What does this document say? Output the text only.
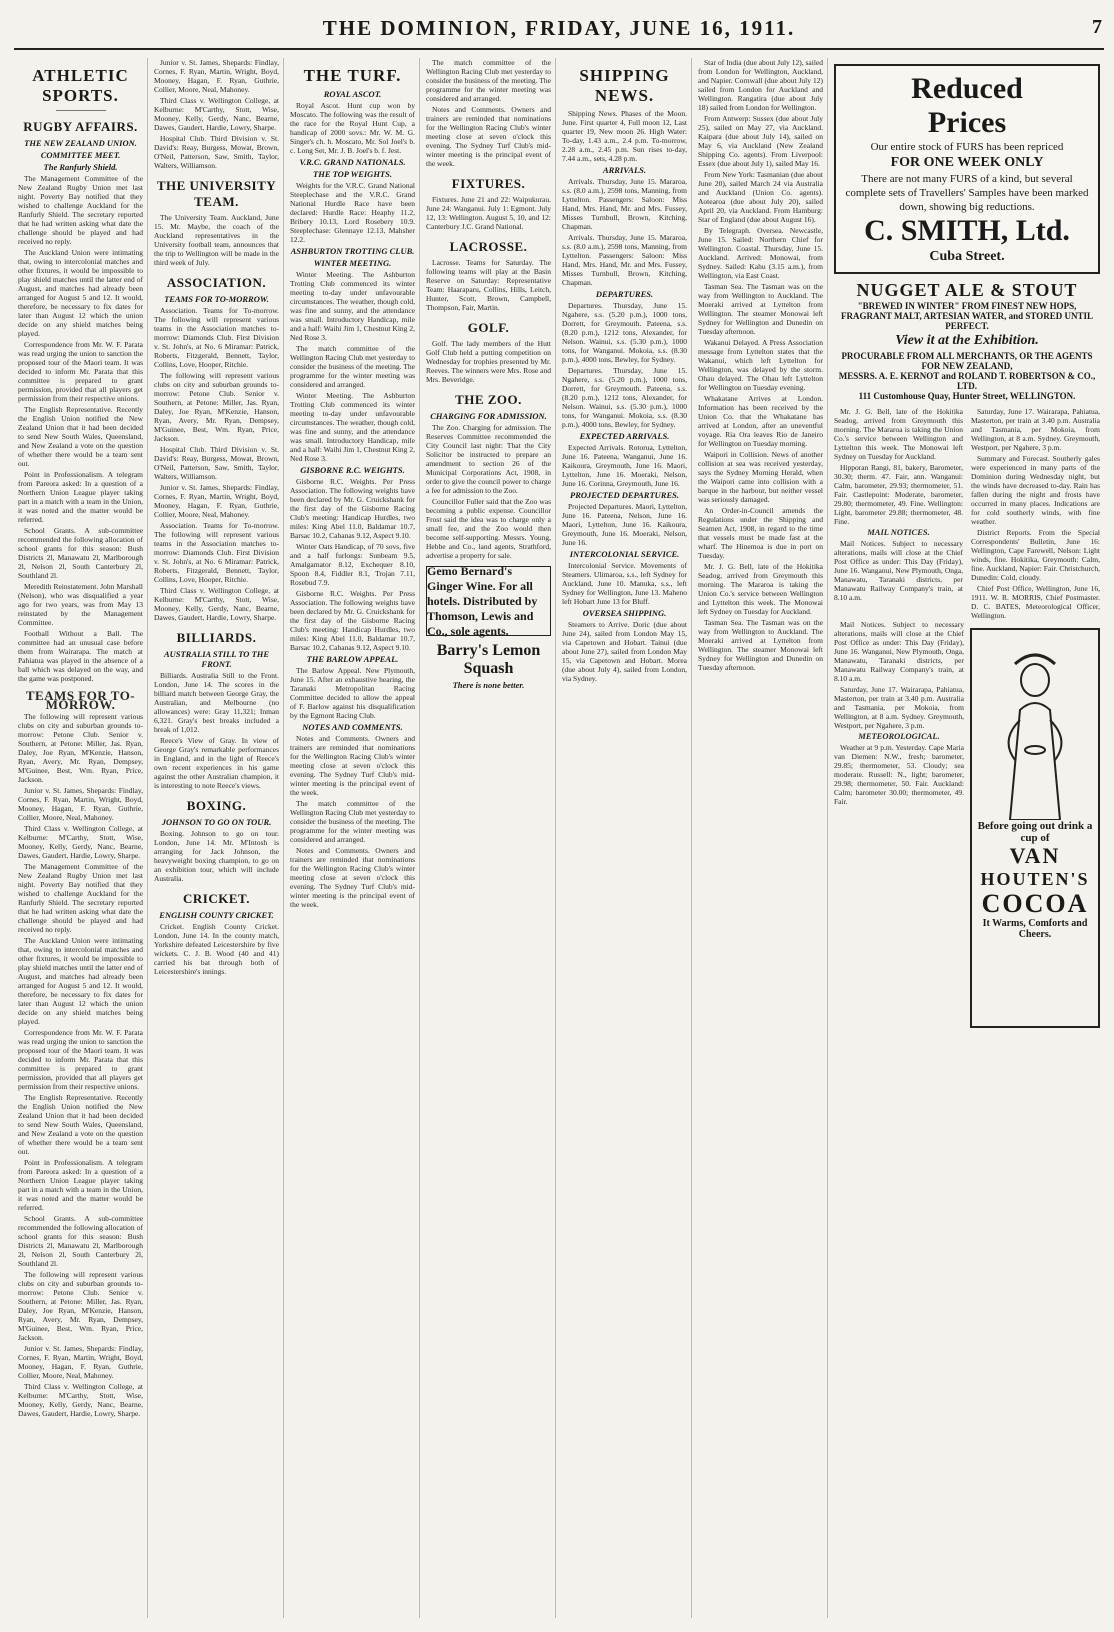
THE DOMINION, FRIDAY, JUNE 16, 1911.	7
ATHLETIC SPORTS.
RUGBY AFFAIRS.
THE NEW ZEALAND UNION.
COMMITTEE MEET.
The Ranfurly Shield.

The Management Committee of the New Zealand Rugby Union met last night. Poverty Bay notified that they wished to challenge Auckland for the Ranfurly Shield. The secretary reported that he had written asking what date the challenge should be played and had received no reply.

The Auckland Union were intimating that, owing to intercolonial matches and other fixtures, it would be impossible to play shield matches until the latter end of August, and matches had already been arranged for August 5 and 12. It would, therefore, be necessary to fix dates for later than August 12 which the union decide on any shield matches being played.

Correspondence from Mr. W. F. Parata was read urging the union to sanction the proposed tour of the Maori team. It was decided to inform Mr. Parata that this committee is prepared to grant permission, provided that all players get permission from their respective unions.

The English Representative. Recently the English Union notified the New Zealand Union that it had been decided to send New South Wales, Queensland, and New Zealand a vote on the question of whether there would be a team sent out.

Point in Professionalism. A telegram from Pareora asked: In a question of a Northern Union League player taking part in a match with a team in the Union, it was noted and the matter would be referred.

School Grants. A sub-committee recommended the following allocation of school grants for this season: Bush Districts 2l, Manawatu 2l, Marlborough 2l, Nelson 2l, South Canterbury 2l, Southland 2l.

Meredith Reinstatement. John Marshall (Nelson), who was disqualified a year ago for two years, was from May 13 reinstated by the Management Committee.

Football Without a Ball. The committee had an unusual case before them from Wairarapa. The match at Pahiatua was played in the absence of a ball which was delayed on the way, and the game was postponed.

TEAMS FOR TO-MORROW.

The following will represent various clubs on city and suburban grounds to-morrow: Petone Club. Senior v. Southern, at Petone: Miller, Jas. Ryan, Daley, Joe Ryan, M'Kenzie, Hanson, Ryan, Avery, Mr. Ryan, Dempsey, M'Guinee, Best, Wm. Ryan, Price, Jackson.

Junior v. St. James, Shepards: Findlay, Cornes, F. Ryan, Martin, Wright, Boyd, Mooney, Hagan, F. Ryan, Guthrie, Collier, Moore, Neal, Mahoney.

Third Class v. Wellington College, at Kelburne: M'Carthy, Stott, Wise, Mooney, Kelly, Gerdy, Nanc, Bearne, Dawes, Gaudert, Hardie, Lowry, Sharpe.

The Management Committee of the New Zealand Rugby Union met last night. Poverty Bay notified that they wished to challenge Auckland for the Ranfurly Shield. The secretary reported that he had written asking what date the challenge should be played and had received no reply.

The Auckland Union were intimating that, owing to intercolonial matches and other fixtures, it would be impossible to play shield matches until the latter end of August, and matches had already been arranged for August 5 and 12. It would, therefore, be necessary to fix dates for later than August 12 which the union decide on any shield matches being played.

Correspondence from Mr. W. F. Parata was read urging the union to sanction the proposed tour of the Maori team. It was decided to inform Mr. Parata that this committee is prepared to grant permission, provided that all players get permission from their respective unions.

The English Representative. Recently the English Union notified the New Zealand Union that it had been decided to send New South Wales, Queensland, and New Zealand a vote on the question of whether there would be a team sent out.

Point in Professionalism. A telegram from Pareora asked: In a question of a Northern Union League player taking part in a match with a team in the Union, it was noted and the matter would be referred.

School Grants. A sub-committee recommended the following allocation of school grants for this season: Bush Districts 2l, Manawatu 2l, Marlborough 2l, Nelson 2l, South Canterbury 2l, Southland 2l.

The following will represent various clubs on city and suburban grounds to-morrow: Petone Club. Senior v. Southern, at Petone: Miller, Jas. Ryan, Daley, Joe Ryan, M'Kenzie, Hanson, Ryan, Avery, Mr. Ryan, Dempsey, M'Guinee, Best, Wm. Ryan, Price, Jackson.

Junior v. St. James, Shepards: Findlay, Cornes, F. Ryan, Martin, Wright, Boyd, Mooney, Hagan, F. Ryan, Guthrie, Collier, Moore, Neal, Mahoney.

Third Class v. Wellington College, at Kelburne: M'Carthy, Stott, Wise, Mooney, Kelly, Gerdy, Nanc, Bearne, Dawes, Gaudert, Hardie, Lowry, Sharpe.

Junior v. St. James, Shepards: Findlay, Cornes, F. Ryan, Martin, Wright, Boyd, Mooney, Hagan, F. Ryan, Guthrie, Collier, Moore, Neal, Mahoney.

Third Class v. Wellington College, at Kelburne: M'Carthy, Stott, Wise, Mooney, Kelly, Gerdy, Nanc, Bearne, Dawes, Gaudert, Hardie, Lowry, Sharpe.

Hospital Club. Third Division v. St. David's: Reay, Burgess, Mowat, Brown, O'Neil, Patterson, Saw, Smith, Taylor, Walters, Williamson.

THE UNIVERSITY TEAM.

The University Team. Auckland, June 15. Mr. Maybe, the coach of the Auckland representatives in the University football team, announces that the trip to Wellington will be made in the third week of July.

ASSOCIATION.
TEAMS FOR TO-MORROW.

Association. Teams for To-morrow. The following will represent various teams in the Association matches to-morrow: Diamonds Club. First Division v. St. John's, at No. 6 Miramar: Patrick, Roberts, Fitzgerald, Bennett, Taylor, Collins, Love, Hooper, Ritchie.

The following will represent various clubs on city and suburban grounds to-morrow: Petone Club. Senior v. Southern, at Petone: Miller, Jas. Ryan, Daley, Joe Ryan, M'Kenzie, Hanson, Ryan, Avery, Mr. Ryan, Dempsey, M'Guinee, Best, Wm. Ryan, Price, Jackson.

Hospital Club. Third Division v. St. David's: Reay, Burgess, Mowat, Brown, O'Neil, Patterson, Saw, Smith, Taylor, Walters, Williamson.

Junior v. St. James, Shepards: Findlay, Cornes, F. Ryan, Martin, Wright, Boyd, Mooney, Hagan, F. Ryan, Guthrie, Collier, Moore, Neal, Mahoney.

Association. Teams for To-morrow. The following will represent various teams in the Association matches to-morrow: Diamonds Club. First Division v. St. John's, at No. 6 Miramar: Patrick, Roberts, Fitzgerald, Bennett, Taylor, Collins, Love, Hooper, Ritchie.

Third Class v. Wellington College, at Kelburne: M'Carthy, Stott, Wise, Mooney, Kelly, Gerdy, Nanc, Bearne, Dawes, Gaudert, Hardie, Lowry, Sharpe.

BILLIARDS.
AUSTRALIA STILL TO THE FRONT.

Billiards. Australia Still to the Front. London, June 14. The scores in the billiard match between George Gray, the Australian, and Melbourne (no allowances) were: Gray 11,321; Inman 6,321. Gray's best breaks included a break of 1,012.

Reece's View of Gray. In view of George Gray's remarkable performances in England, and in the light of Reece's own recent experiences in his game against the other Australian champion, it is interesting to note Reece's views.

BOXING.
JOHNSON TO GO ON TOUR.

Boxing. Johnson to go on tour. London, June 14. Mr. M'Intosh is arranging for Jack Johnson, the heavyweight boxing champion, to go on an exhibition tour, which will include Australia.

CRICKET.
ENGLISH COUNTY CRICKET.

Cricket. English County Cricket. London, June 14. In the county match, Yorkshire defeated Leicestershire by five wickets. C. J. B. Wood (40 and 41) carried his bat through both of Leicestershire's innings.

THE TURF.
ROYAL ASCOT.

Royal Ascot. Hunt cup won by Moscato. The following was the result of the race for the Royal Hunt Cup, a handicap of 2000 sovs.: Mr. W. M. G. Singer's ch. h. Moscato, Mr. Sol Joel's b. c. Long Set, Mr. J. B. Joel's b. f. Jest.

V.R.C. GRAND NATIONALS.
THE TOP WEIGHTS.

Weights for the V.R.C. Grand National Steeplechase and the V.R.C. Grand National Hurdle Race have been declared: Hurdle Race: Heaphy 11.2, Bribery 10.13, Lord Rosebery 10.9. Steeplechase: Glennaye 12.13, Mahsher 12.2.

ASHBURTON TROTTING CLUB.
WINTER MEETING.

Winter Meeting. The Ashburton Trotting Club commenced its winter meeting to-day under unfavourable circumstances. The weather, though cold, was fine and sunny, and the attendance was small. Introductory Handicap, mile and a half: Waihi Jim 1, Chestnut King 2, Ned Rose 3.

The match committee of the Wellington Racing Club met yesterday to consider the business of the meeting. The programme for the winter meeting was considered and arranged.

Winter Meeting. The Ashburton Trotting Club commenced its winter meeting to-day under unfavourable circumstances. The weather, though cold, was fine and sunny, and the attendance was small. Introductory Handicap, mile and a half: Waihi Jim 1, Chestnut King 2, Ned Rose 3.

GISBORNE R.C. WEIGHTS.

Gisborne R.C. Weights. Per Press Association. The following weights have been declared by Mr. G. Cruickshank for the first day of the Gisborne Racing Club's meeting: Handicap Hurdles, two miles: King Abel 11.0, Baldamar 10.7, Barsac 10.2, Cabanas 9.12, Aspect 9.10.

Winter Oats Handicap, of 70 sovs, five and a half furlongs: Sunbeam 9.5, Amalgamator 8.12, Exchequer 8.10, Spoon 8.4, Fiddler 8.1, Trojan 7.11, Rosebud 7.9.

Gisborne R.C. Weights. Per Press Association. The following weights have been declared by Mr. G. Cruickshank for the first day of the Gisborne Racing Club's meeting: Handicap Hurdles, two miles: King Abel 11.0, Baldamar 10.7, Barsac 10.2, Cabanas 9.12, Aspect 9.10.

THE BARLOW APPEAL.

The Barlow Appeal. New Plymouth, June 15. After an exhaustive hearing, the Taranaki Metropolitan Racing Committee decided to allow the appeal of F. Barlow against his disqualification by the Egmont Racing Club.

NOTES AND COMMENTS.

Notes and Comments. Owners and trainers are reminded that nominations for the Wellington Racing Club's winter meeting close at seven o'clock this evening. The Sydney Turf Club's mid-winter meeting is the principal event of the week.

The match committee of the Wellington Racing Club met yesterday to consider the business of the meeting. The programme for the winter meeting was considered and arranged.

Notes and Comments. Owners and trainers are reminded that nominations for the Wellington Racing Club's winter meeting close at seven o'clock this evening. The Sydney Turf Club's mid-winter meeting is the principal event of the week.

The match committee of the Wellington Racing Club met yesterday to consider the business of the meeting. The programme for the winter meeting was considered and arranged.

Notes and Comments. Owners and trainers are reminded that nominations for the Wellington Racing Club's winter meeting close at seven o'clock this evening. The Sydney Turf Club's mid-winter meeting is the principal event of the week.

FIXTURES.

Fixtures. June 21 and 22: Waipukurau. June 24: Wanganui. July 1: Egmont. July 12, 13: Wellington. August 5, 10, and 12: Canterbury J.C. Grand National.

LACROSSE.

Lacrosse. Teams for Saturday. The following teams will play at the Basin Reserve on Saturday: Representative Team: Haaraparu, Collins, Hills, Leitch, Hunter, Scott, Brown, Campbell, Thompson, Fair, Martin.

GOLF.

Golf. The lady members of the Hutt Golf Club held a putting competition on Wednesday for trophies presented by Mr. Reeves. The winners were Mrs. Rose and Mrs. Beveridge.

THE ZOO.
CHARGING FOR ADMISSION.

The Zoo. Charging for admission. The Reserves Committee recommended the City Council last night: That the City Solicitor be instructed to prepare an amendment to section 26 of the Municipal Corporations Act, 1908, in order to give the council power to charge a fee for admission to the Zoo.

Councillor Fuller said that the Zoo was becoming a public expense. Councillor Frost said the idea was to charge only a small fee, and the Zoo would then become self-supporting. Messrs. Young, Hebbe and Co., land agents, Strathford, advertise a property for sale.

Gemo Bernard's Ginger Wine. For all hotels. Distributed by Thomson, Lewis and Co., sole agents.
Barry's Lemon Squash
There is none better.
SHIPPING NEWS.

Shipping News. Phases of the Moon. June. First quarter 4, Full moon 12, Last quarter 19, New moon 26. High Water: To-day, 1.43 a.m., 2.4 p.m. To-morrow, 2.28 a.m., 2.45 p.m. Sun rises to-day, 7.44 a.m., sets, 4.28 p.m.

ARRIVALS.

Arrivals. Thursday, June 15. Mararoa, s.s. (8.0 a.m.), 2598 tons, Manning, from Lyttelton. Passengers: Saloon: Miss Hand, Mrs. Hand, Mr. and Mrs. Fussey, Misses Turnbull, Brown, Kitching, Chapman.

Arrivals. Thursday, June 15. Mararoa, s.s. (8.0 a.m.), 2598 tons, Manning, from Lyttelton. Passengers: Saloon: Miss Hand, Mrs. Hand, Mr. and Mrs. Fussey, Misses Turnbull, Brown, Kitching, Chapman.

DEPARTURES.

Departures. Thursday, June 15. Ngahere, s.s. (5.20 p.m.), 1000 tons, Dorrett, for Greymouth. Pateena, s.s. (8.20 p.m.), 1212 tons, Alexander, for Nelson. Wainui, s.s. (5.30 p.m.), 1000 tons, for Wanganui. Mokoia, s.s. (8.30 p.m.), 4000 tons, Bewley, for Sydney.

Departures. Thursday, June 15. Ngahere, s.s. (5.20 p.m.), 1000 tons, Dorrett, for Greymouth. Pateena, s.s. (8.20 p.m.), 1212 tons, Alexander, for Nelson. Wainui, s.s. (5.30 p.m.), 1000 tons, for Wanganui. Mokoia, s.s. (8.30 p.m.), 4000 tons, Bewley, for Sydney.

EXPECTED ARRIVALS.

Expected Arrivals. Rotorua, Lyttelton, June 16. Pateena, Wanganui, June 16. Kaikoura, Greymouth, June 16. Maori, Lyttelton, June 16. Moeraki, Nelson, June 16. Corinna, Greymouth, June 16.

PROJECTED DEPARTURES.

Projected Departures. Maori, Lyttelton, June 16. Pateena, Nelson, June 16. Maori, Lyttelton, June 16. Kaikoura, Greymouth, June 16. Moeraki, Nelson, June 16.

INTERCOLONIAL SERVICE.

Intercolonial Service. Movements of Steamers. Ulimaroa, s.s., left Sydney for Auckland, June 10. Manuka, s.s., left Sydney for Wellington, June 13. Maheno left Hobart June 13 for Bluff.

OVERSEA SHIPPING.

Steamers to Arrive. Doric (due about June 24), sailed from London May 15, via Capetown and Hobart. Tainui (due about June 27), sailed from London May 15, via Capetown and Hobart. Morea (due about July 4), sailed from London, via Sydney.

Star of India (due about July 12), sailed from London for Wellington, Auckland, and Napier. Cornwall (due about July 12) sailed from London for Auckland and Wellington. Rangatira (due about July 18) sailed from London for Wellington.

From Antwerp: Sussex (due about July 25), sailed on May 27, via Auckland. Kaipara (due about July 14), sailed on May 6, via Auckland (New Zealand Shipping Co. agents). From Liverpool: Essex (due about July 1), sailed May 16.

From New York: Tasmanian (due about June 20), sailed March 24 via Australia and Auckland (Union Co. agents). Aotearoa (due about July 20), sailed April 20, via Auckland. From Hamburg: Star of England (due about August 16).

By Telegraph. Oversea. Newcastle, June 15. Sailed: Northern Chief for Wellington. Coastal. Thursday, June 15. Auckland. Arrived: Monowai, from Sydney. Sailed: Kahu (3.15 a.m.), from Wellington, via East Coast.

Tasman Sea. The Tasman was on the way from Wellington to Auckland. The Moeraki arrived at Lyttelton from Wellington. The steamer Monowai left Sydney for Wellington and Dunedin on Tuesday afternoon.

Wakanui Delayed. A Press Association message from Lyttelton states that the Wakanui, which left Lyttelton for Wellington, was delayed by the storm. Ohau delayed. The Ohau left Lyttelton for Wellington on Tuesday evening.

Whakatane Arrives at London. Information has been received by the Union Co. that the Whakatane has arrived at London, after an uneventful voyage. Ria Ora leaves Rio de Janeiro for Wellington on Tuesday morning.

Waipori in Collision. News of another collision at sea was received yesterday, says the Sydney Morning Herald, when the Waipori came into collision with a barque in the harbour, but neither vessel was seriously damaged.

An Order-in-Council amends the Regulations under the Shipping and Seamen Act, 1908, in regard to the time that vessels must be made fast at the wharf. The Hinemoa is due in port on Tuesday.

Mr. J. G. Bell, late of the Hokitika Seadog, arrived from Greymouth this morning. The Mararoa is taking the Union Co.'s service between Wellington and Lyttelton this week. The Monowai left Sydney on Tuesday for Auckland.

Tasman Sea. The Tasman was on the way from Wellington to Auckland. The Moeraki arrived at Lyttelton from Wellington. The steamer Monowai left Sydney for Wellington and Dunedin on Tuesday afternoon.

Reduced
Prices
Our entire stock of FURS has been repriced
FOR ONE WEEK ONLY
There are not many FURS of a kind, but several complete sets of Travellers' Samples have been marked down, showing big reductions.
C. SMITH, Ltd.
Cuba Street.
NUGGET ALE & STOUT
"BREWED IN WINTER" FROM FINEST NEW HOPS, FRAGRANT MALT, ARTESIAN WATER, and STORED UNTIL PERFECT.
View it at the Exhibition.
PROCURABLE FROM ALL MERCHANTS, OR THE AGENTS FOR NEW ZEALAND,
MESSRS. A. E. KERNOT and ROLAND T. ROBERTSON & CO., LTD.
111 Customhouse Quay, Hunter Street, WELLINGTON.

Mr. J. G. Bell, late of the Hokitika Seadog, arrived from Greymouth this morning. The Mararoa is taking the Union Co.'s service between Wellington and Lyttelton this week. The Monowai left Sydney on Tuesday for Auckland.

Hipporan Rangi, 81, bakery, Barometer, 30.30; therm. 47. Fair, ann. Wanganui: Calm, barometer, 29.93; thermometer, 51. Fair. Castlepoint: Moderate, barometer, 29.80; thermometer, 49. Fine. Wellington: Light, barometer 29.88; thermometer, 48. Fine.

MAIL NOTICES.

Mail Notices. Subject to necessary alterations, mails will close at the Chief Post Office as under: This Day (Friday), June 16. Wanganui, New Plymouth, Onga, Manawatu, Taranaki districts, per Manawatu Railway Company's train, at 8.10 a.m.

Saturday, June 17. Wairarapa, Pahiatua, Masterton, per train at 3.40 p.m. Australia and Tasmania, per Mokoia, from Wellington, at 8 a.m. Sydney. Greymouth, Westport, per Ngahere, 3 p.m.

Summary and Forecast. Southerly gales were experienced in many parts of the Dominion during Wednesday night, but the winds have decreased to-day. Rain has fallen during the night and frosts have occurred in many places. Indications are for cold southerly winds, with fine weather.

District Reports. From the Special Correspondents' Bulletin, June 16: Wellington, Cape Farewell, Nelson: Light winds, fine. Hokitika, Greymouth: Calm, fine. Auckland, Napier: Fair. Christchurch, Dunedin: Cold, cloudy.

Chief Post Office, Wellington, June 16, 1911. W. R. MORRIS, Chief Postmaster. D. C. BATES, Meteorological Officer, Wellington.

Mail Notices. Subject to necessary alterations, mails will close at the Chief Post Office as under: This Day (Friday), June 16. Wanganui, New Plymouth, Onga, Manawatu, Taranaki districts, per Manawatu Railway Company's train, at 8.10 a.m.

Saturday, June 17. Wairarapa, Pahiatua, Masterton, per train at 3.40 p.m. Australia and Tasmania, per Mokoia, from Wellington, at 8 a.m. Sydney. Greymouth, Westport, per Ngahere, 3 p.m.

METEOROLOGICAL.

Weather at 9 p.m. Yesterday. Cape Maria van Diemen: N.W., fresh; barometer, 29.85; thermometer, 53. Cloudy; sea moderate. Russell: N., light; barometer, 29.98; thermometer, 50. Fair. Auckland: Calm; barometer 30.00; thermometer, 49. Fair.

Before going out drink a cup of
VAN
HOUTEN'S
COCOA
It Warms, Comforts and Cheers.
